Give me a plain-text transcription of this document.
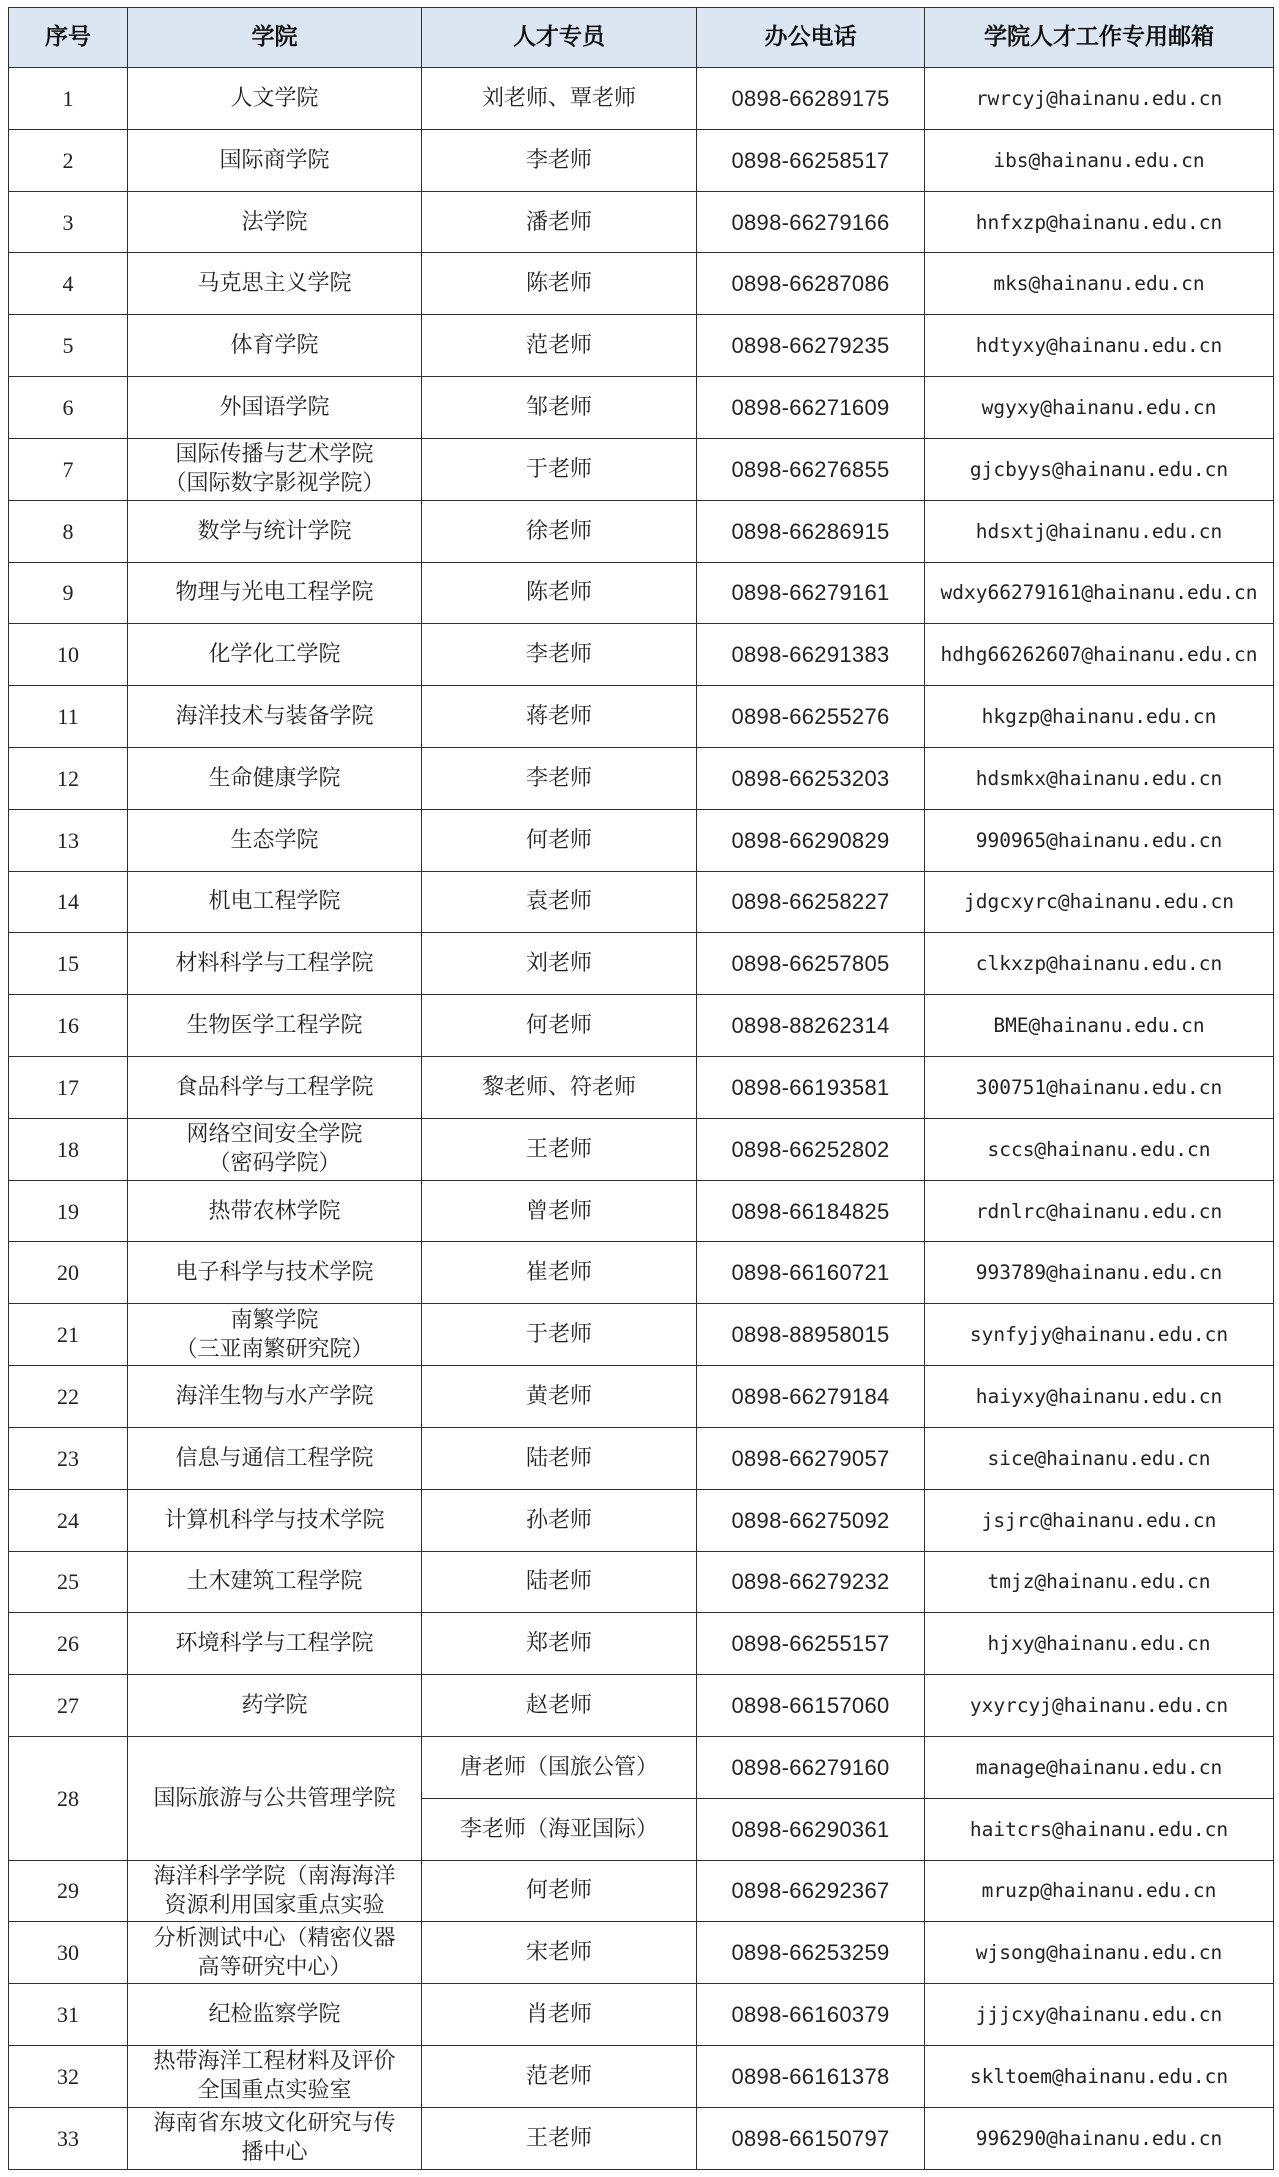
序号	学院	人才专员	办公电话	学院人才工作专用邮箱
1	人文学院	刘老师、覃老师	0898-66289175	rwrcyj@hainanu.edu.cn
2	国际商学院	李老师	0898-66258517	ibs@hainanu.edu.cn
3	法学院	潘老师	0898-66279166	hnfxzp@hainanu.edu.cn
4	马克思主义学院	陈老师	0898-66287086	mks@hainanu.edu.cn
5	体育学院	范老师	0898-66279235	hdtyxy@hainanu.edu.cn
6	外国语学院	邹老师	0898-66271609	wgyxy@hainanu.edu.cn
7	国际传播与艺术学院
（国际数字影视学院）	于老师	0898-66276855	gjcbyys@hainanu.edu.cn
8	数学与统计学院	徐老师	0898-66286915	hdsxtj@hainanu.edu.cn
9	物理与光电工程学院	陈老师	0898-66279161	wdxy66279161@hainanu.edu.cn
10	化学化工学院	李老师	0898-66291383	hdhg66262607@hainanu.edu.cn
11	海洋技术与装备学院	蒋老师	0898-66255276	hkgzp@hainanu.edu.cn
12	生命健康学院	李老师	0898-66253203	hdsmkx@hainanu.edu.cn
13	生态学院	何老师	0898-66290829	990965@hainanu.edu.cn
14	机电工程学院	袁老师	0898-66258227	jdgcxyrc@hainanu.edu.cn
15	材料科学与工程学院	刘老师	0898-66257805	clkxzp@hainanu.edu.cn
16	生物医学工程学院	何老师	0898-88262314	BME@hainanu.edu.cn
17	食品科学与工程学院	黎老师、符老师	0898-66193581	300751@hainanu.edu.cn
18	网络空间安全学院
（密码学院）	王老师	0898-66252802	sccs@hainanu.edu.cn
19	热带农林学院	曾老师	0898-66184825	rdnlrc@hainanu.edu.cn
20	电子科学与技术学院	崔老师	0898-66160721	993789@hainanu.edu.cn
21	南繁学院
（三亚南繁研究院）	于老师	0898-88958015	synfyjy@hainanu.edu.cn
22	海洋生物与水产学院	黄老师	0898-66279184	haiyxy@hainanu.edu.cn
23	信息与通信工程学院	陆老师	0898-66279057	sice@hainanu.edu.cn
24	计算机科学与技术学院	孙老师	0898-66275092	jsjrc@hainanu.edu.cn
25	土木建筑工程学院	陆老师	0898-66279232	tmjz@hainanu.edu.cn
26	环境科学与工程学院	郑老师	0898-66255157	hjxy@hainanu.edu.cn
27	药学院	赵老师	0898-66157060	yxyrcyj@hainanu.edu.cn
28	国际旅游与公共管理学院	唐老师（国旅公管）	0898-66279160	manage@hainanu.edu.cn
		李老师（海亚国际）	0898-66290361	haitcrs@hainanu.edu.cn
29	海洋科学学院（南海海洋
资源利用国家重点实验	何老师	0898-66292367	mruzp@hainanu.edu.cn
30	分析测试中心（精密仪器
高等研究中心）	宋老师	0898-66253259	wjsong@hainanu.edu.cn
31	纪检监察学院	肖老师	0898-66160379	jjjcxy@hainanu.edu.cn
32	热带海洋工程材料及评价
全国重点实验室	范老师	0898-66161378	skltoem@hainanu.edu.cn
33	海南省东坡文化研究与传
播中心	王老师	0898-66150797	996290@hainanu.edu.cn
